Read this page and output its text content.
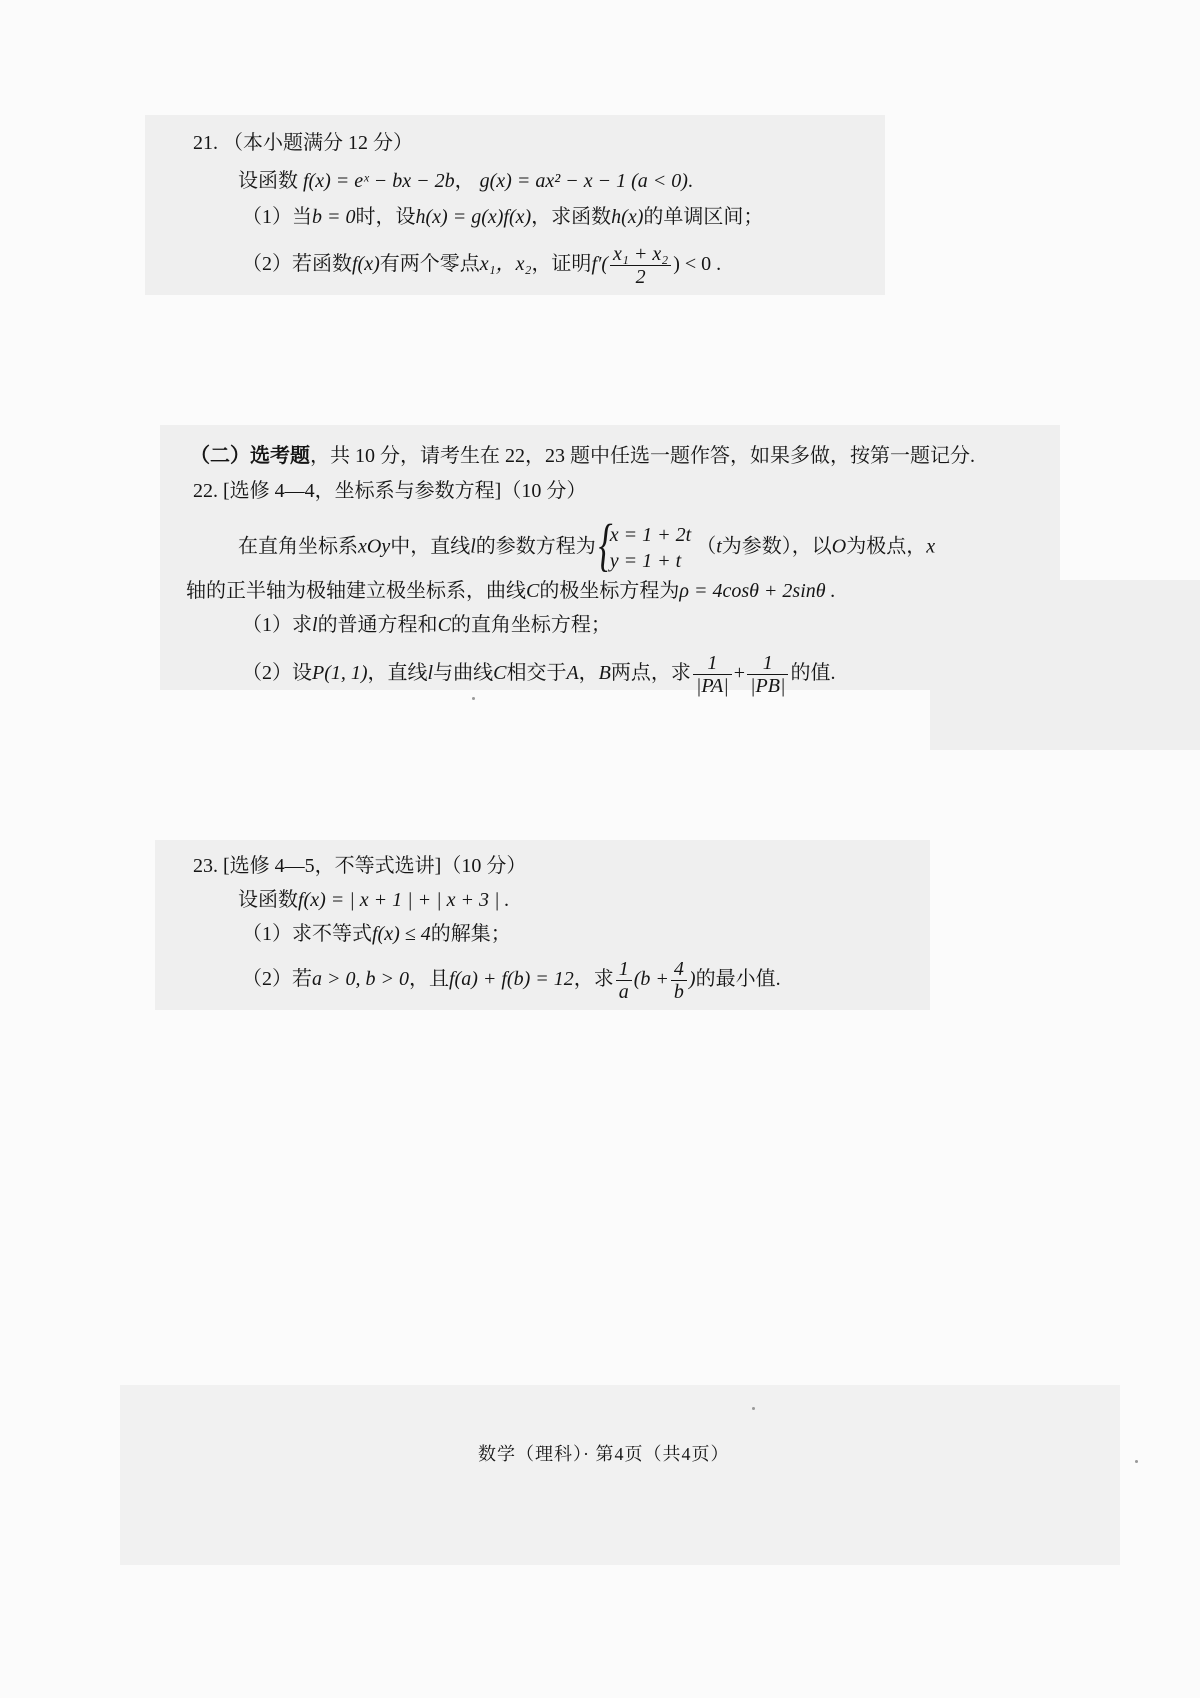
21. （本小题满分 12 分）
设函数 f(x) = eˣ − bx − 2b， g(x) = ax² − x − 1 (a < 0).
（1）当b = 0时，设h(x) = g(x)f(x)，求函数h(x)的单调区间；
（2）若函数f(x)有两个零点x₁，x₂，证明$f'( \frac{\text{x₁ + x₂}}{2}$ ) < 0 .
（二）选考题，共 10 分，请考生在 22，23 题中任选一题作答，如果多做，按第一题记分.
22. [选修 4—4，坐标系与参数方程]（10 分）
在直角坐标系xOy中，直线l的参数方程为 {
x = 1 + 2t
y = 1 + t
（t为参数），以O为极点，x
轴的正半轴为极轴建立极坐标系，曲线C的极坐标方程为ρ = 4cosθ + 2sinθ .
（1）求l的普通方程和C的直角坐标方程；
（2）设P(1, 1)，直线l与曲线C相交于A，B两点，求 $\frac{1}{|PA|} + \frac{1}{|PB|}$ 的值.
23. [选修 4—5，不等式选讲]（10 分）
设函数f(x) = | x + 1 | + | x + 3 | .
（1）求不等式f(x) ≤ 4的解集；
（2）若a > 0, b > 0，且f(a) + f(b) = 12，求 $\frac{1}{a} (b + \frac{4}{b}$ )的最小值.
数学（理科）· 第4页（共4页）
